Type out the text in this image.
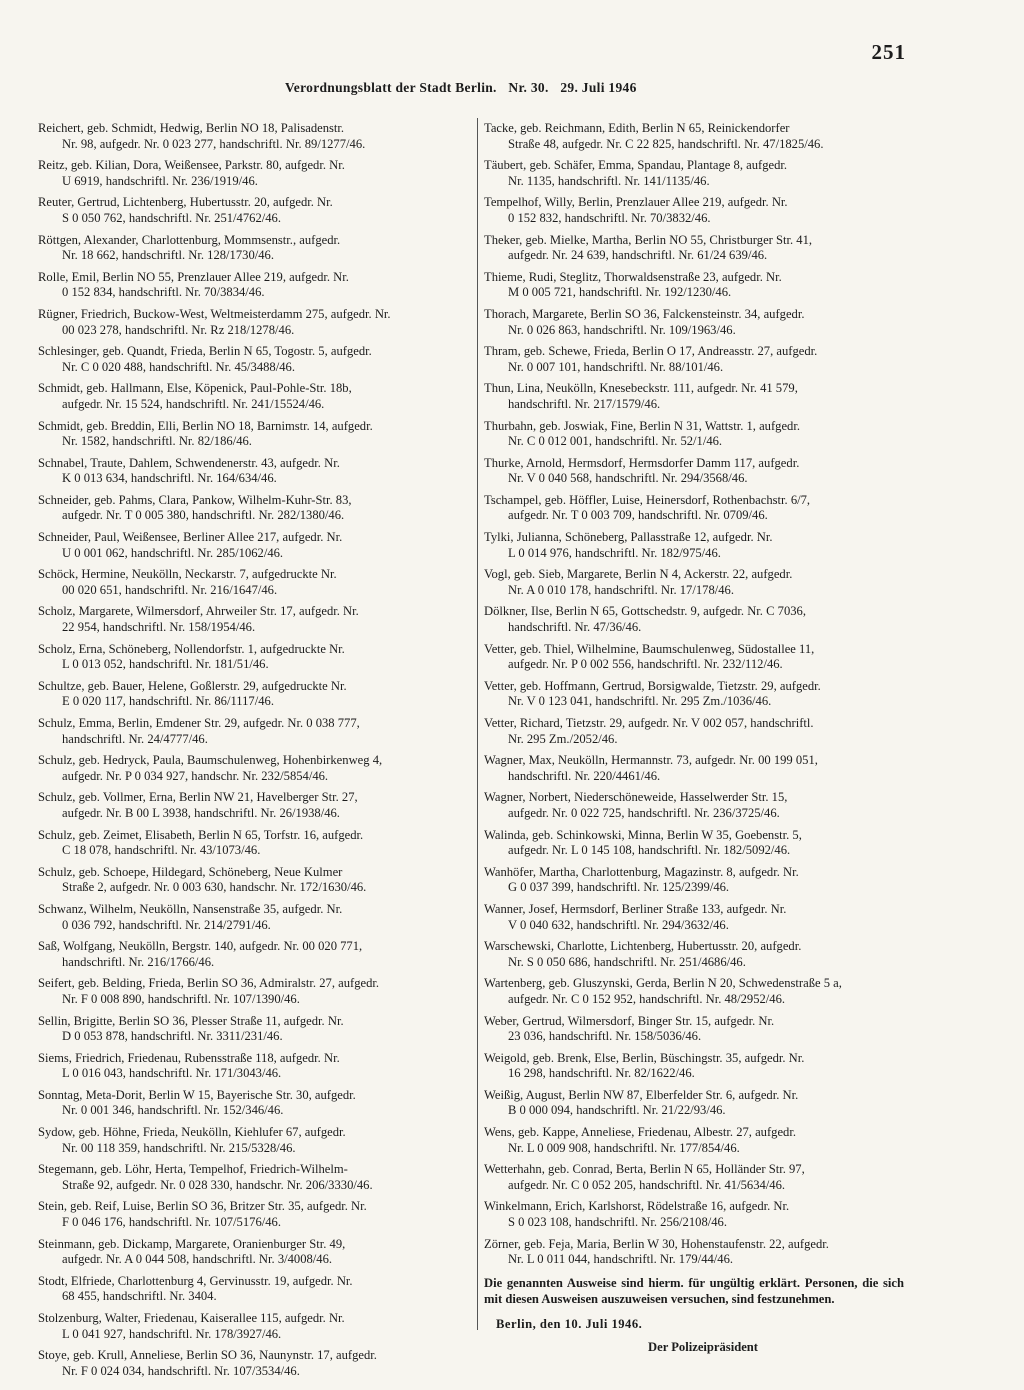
251
Verordnungsblatt der Stadt Berlin. Nr. 30. 29. Juli 1946
Reichert, geb. Schmidt, Hedwig, Berlin NO 18, Palisadenstr.
Nr. 98, aufgedr. Nr. 0 023 277, handschriftl. Nr. 89/1277/46.
Reitz, geb. Kilian, Dora, Weißensee, Parkstr. 80, aufgedr. Nr.
U 6919, handschriftl. Nr. 236/1919/46.
Reuter, Gertrud, Lichtenberg, Hubertusstr. 20, aufgedr. Nr.
S 0 050 762, handschriftl. Nr. 251/4762/46.
Röttgen, Alexander, Charlottenburg, Mommsenstr., aufgedr.
Nr. 18 662, handschriftl. Nr. 128/1730/46.
Rolle, Emil, Berlin NO 55, Prenzlauer Allee 219, aufgedr. Nr.
0 152 834, handschriftl. Nr. 70/3834/46.
Rügner, Friedrich, Buckow-West, Weltmeisterdamm 275, aufgedr. Nr.
00 023 278, handschriftl. Nr. Rz 218/1278/46.
Schlesinger, geb. Quandt, Frieda, Berlin N 65, Togostr. 5, aufgedr.
Nr. C 0 020 488, handschriftl. Nr. 45/3488/46.
Schmidt, geb. Hallmann, Else, Köpenick, Paul-Pohle-Str. 18b,
aufgedr. Nr. 15 524, handschriftl. Nr. 241/15524/46.
Schmidt, geb. Breddin, Elli, Berlin NO 18, Barnimstr. 14, aufgedr.
Nr. 1582, handschriftl. Nr. 82/186/46.
Schnabel, Traute, Dahlem, Schwendenerstr. 43, aufgedr. Nr.
K 0 013 634, handschriftl. Nr. 164/634/46.
Schneider, geb. Pahms, Clara, Pankow, Wilhelm-Kuhr-Str. 83,
aufgedr. Nr. T 0 005 380, handschriftl. Nr. 282/1380/46.
Schneider, Paul, Weißensee, Berliner Allee 217, aufgedr. Nr.
U 0 001 062, handschriftl. Nr. 285/1062/46.
Schöck, Hermine, Neukölln, Neckarstr. 7, aufgedruckte Nr.
00 020 651, handschriftl. Nr. 216/1647/46.
Scholz, Margarete, Wilmersdorf, Ahrweiler Str. 17, aufgedr. Nr.
22 954, handschriftl. Nr. 158/1954/46.
Scholz, Erna, Schöneberg, Nollendorfstr. 1, aufgedruckte Nr.
L 0 013 052, handschriftl. Nr. 181/51/46.
Schultze, geb. Bauer, Helene, Goßlerstr. 29, aufgedruckte Nr.
E 0 020 117, handschriftl. Nr. 86/1117/46.
Schulz, Emma, Berlin, Emdener Str. 29, aufgedr. Nr. 0 038 777,
handschriftl. Nr. 24/4777/46.
Schulz, geb. Hedryck, Paula, Baumschulenweg, Hohenbirkenweg 4,
aufgedr. Nr. P 0 034 927, handschr. Nr. 232/5854/46.
Schulz, geb. Vollmer, Erna, Berlin NW 21, Havelberger Str. 27,
aufgedr. Nr. B 00 L 3938, handschriftl. Nr. 26/1938/46.
Schulz, geb. Zeimet, Elisabeth, Berlin N 65, Torfstr. 16, aufgedr.
C 18 078, handschriftl. Nr. 43/1073/46.
Schulz, geb. Schoepe, Hildegard, Schöneberg, Neue Kulmer
Straße 2, aufgedr. Nr. 0 003 630, handschr. Nr. 172/1630/46.
Schwanz, Wilhelm, Neukölln, Nansenstraße 35, aufgedr. Nr.
0 036 792, handschriftl. Nr. 214/2791/46.
Saß, Wolfgang, Neukölln, Bergstr. 140, aufgedr. Nr. 00 020 771,
handschriftl. Nr. 216/1766/46.
Seifert, geb. Belding, Frieda, Berlin SO 36, Admiralstr. 27, aufgedr.
Nr. F 0 008 890, handschriftl. Nr. 107/1390/46.
Sellin, Brigitte, Berlin SO 36, Plesser Straße 11, aufgedr. Nr.
D 0 053 878, handschriftl. Nr. 3311/231/46.
Siems, Friedrich, Friedenau, Rubensstraße 118, aufgedr. Nr.
L 0 016 043, handschriftl. Nr. 171/3043/46.
Sonntag, Meta-Dorit, Berlin W 15, Bayerische Str. 30, aufgedr.
Nr. 0 001 346, handschriftl. Nr. 152/346/46.
Sydow, geb. Höhne, Frieda, Neukölln, Kiehlufer 67, aufgedr.
Nr. 00 118 359, handschriftl. Nr. 215/5328/46.
Stegemann, geb. Löhr, Herta, Tempelhof, Friedrich-Wilhelm-
Straße 92, aufgedr. Nr. 0 028 330, handschr. Nr. 206/3330/46.
Stein, geb. Reif, Luise, Berlin SO 36, Britzer Str. 35, aufgedr. Nr.
F 0 046 176, handschriftl. Nr. 107/5176/46.
Steinmann, geb. Dickamp, Margarete, Oranienburger Str. 49,
aufgedr. Nr. A 0 044 508, handschriftl. Nr. 3/4008/46.
Stodt, Elfriede, Charlottenburg 4, Gervinusstr. 19, aufgedr. Nr.
68 455, handschriftl. Nr. 3404.
Stolzenburg, Walter, Friedenau, Kaiserallee 115, aufgedr. Nr.
L 0 041 927, handschriftl. Nr. 178/3927/46.
Stoye, geb. Krull, Anneliese, Berlin SO 36, Naunynstr. 17, aufgedr.
Nr. F 0 024 034, handschriftl. Nr. 107/3534/46.
Tacke, geb. Reichmann, Edith, Berlin N 65, Reinickendorfer
Straße 48, aufgedr. Nr. C 22 825, handschriftl. Nr. 47/1825/46.
Täubert, geb. Schäfer, Emma, Spandau, Plantage 8, aufgedr.
Nr. 1135, handschriftl. Nr. 141/1135/46.
Tempelhof, Willy, Berlin, Prenzlauer Allee 219, aufgedr. Nr.
0 152 832, handschriftl. Nr. 70/3832/46.
Theker, geb. Mielke, Martha, Berlin NO 55, Christburger Str. 41,
aufgedr. Nr. 24 639, handschriftl. Nr. 61/24 639/46.
Thieme, Rudi, Steglitz, Thorwaldsenstraße 23, aufgedr. Nr.
M 0 005 721, handschriftl. Nr. 192/1230/46.
Thorach, Margarete, Berlin SO 36, Falckensteinstr. 34, aufgedr.
Nr. 0 026 863, handschriftl. Nr. 109/1963/46.
Thram, geb. Schewe, Frieda, Berlin O 17, Andreasstr. 27, aufgedr.
Nr. 0 007 101, handschriftl. Nr. 88/101/46.
Thun, Lina, Neukölln, Knesebeckstr. 111, aufgedr. Nr. 41 579,
handschriftl. Nr. 217/1579/46.
Thurbahn, geb. Joswiak, Fine, Berlin N 31, Wattstr. 1, aufgedr.
Nr. C 0 012 001, handschriftl. Nr. 52/1/46.
Thurke, Arnold, Hermsdorf, Hermsdorfer Damm 117, aufgedr.
Nr. V 0 040 568, handschriftl. Nr. 294/3568/46.
Tschampel, geb. Höffler, Luise, Heinersdorf, Rothenbachstr. 6/7,
aufgedr. Nr. T 0 003 709, handschriftl. Nr. 0709/46.
Tylki, Julianna, Schöneberg, Pallasstraße 12, aufgedr. Nr.
L 0 014 976, handschriftl. Nr. 182/975/46.
Vogl, geb. Sieb, Margarete, Berlin N 4, Ackerstr. 22, aufgedr.
Nr. A 0 010 178, handschriftl. Nr. 17/178/46.
Dölkner, Ilse, Berlin N 65, Gottschedstr. 9, aufgedr. Nr. C 7036,
handschriftl. Nr. 47/36/46.
Vetter, geb. Thiel, Wilhelmine, Baumschulenweg, Südostallee 11,
aufgedr. Nr. P 0 002 556, handschriftl. Nr. 232/112/46.
Vetter, geb. Hoffmann, Gertrud, Borsigwalde, Tietzstr. 29, aufgedr.
Nr. V 0 123 041, handschriftl. Nr. 295 Zm./1036/46.
Vetter, Richard, Tietzstr. 29, aufgedr. Nr. V 002 057, handschriftl.
Nr. 295 Zm./2052/46.
Wagner, Max, Neukölln, Hermannstr. 73, aufgedr. Nr. 00 199 051,
handschriftl. Nr. 220/4461/46.
Wagner, Norbert, Niederschöneweide, Hasselwerder Str. 15,
aufgedr. Nr. 0 022 725, handschriftl. Nr. 236/3725/46.
Walinda, geb. Schinkowski, Minna, Berlin W 35, Goebenstr. 5,
aufgedr. Nr. L 0 145 108, handschriftl. Nr. 182/5092/46.
Wanhöfer, Martha, Charlottenburg, Magazinstr. 8, aufgedr. Nr.
G 0 037 399, handschriftl. Nr. 125/2399/46.
Wanner, Josef, Hermsdorf, Berliner Straße 133, aufgedr. Nr.
V 0 040 632, handschriftl. Nr. 294/3632/46.
Warschewski, Charlotte, Lichtenberg, Hubertusstr. 20, aufgedr.
Nr. S 0 050 686, handschriftl. Nr. 251/4686/46.
Wartenberg, geb. Gluszynski, Gerda, Berlin N 20, Schwedenstraße 5 a,
aufgedr. Nr. C 0 152 952, handschriftl. Nr. 48/2952/46.
Weber, Gertrud, Wilmersdorf, Binger Str. 15, aufgedr. Nr.
23 036, handschriftl. Nr. 158/5036/46.
Weigold, geb. Brenk, Else, Berlin, Büschingstr. 35, aufgedr. Nr.
16 298, handschriftl. Nr. 82/1622/46.
Weißig, August, Berlin NW 87, Elberfelder Str. 6, aufgedr. Nr.
B 0 000 094, handschriftl. Nr. 21/22/93/46.
Wens, geb. Kappe, Anneliese, Friedenau, Albestr. 27, aufgedr.
Nr. L 0 009 908, handschriftl. Nr. 177/854/46.
Wetterhahn, geb. Conrad, Berta, Berlin N 65, Holländer Str. 97,
aufgedr. Nr. C 0 052 205, handschriftl. Nr. 41/5634/46.
Winkelmann, Erich, Karlshorst, Rödelstraße 16, aufgedr. Nr.
S 0 023 108, handschriftl. Nr. 256/2108/46.
Zörner, geb. Feja, Maria, Berlin W 30, Hohenstaufenstr. 22, aufgedr.
Nr. L 0 011 044, handschriftl. Nr. 179/44/46.
Die genannten Ausweise sind hierm. für ungültig erklärt. Personen, die sich mit diesen Ausweisen auszuweisen versuchen, sind festzunehmen.
Berlin, den 10. Juli 1946.
Der Polizeipräsident
